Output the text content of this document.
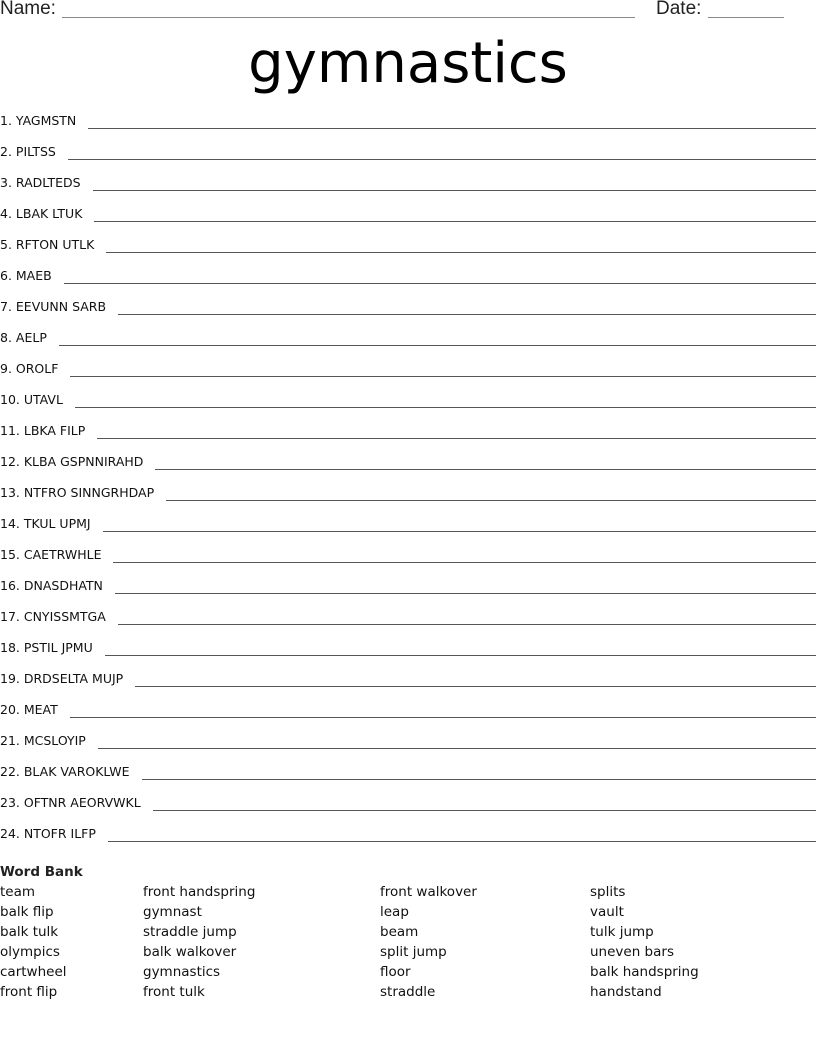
Name:	Date:
gymnastics
1. YAGMSTN
2. PILTSS
3. RADLTEDS
4. LBAK LTUK
5. RFTON UTLK
6. MAEB
7. EEVUNN SARB
8. AELP
9. OROLF
10. UTAVL
11. LBKA FILP
12. KLBA GSPNNIRAHD
13. NTFRO SINNGRHDAP
14. TKUL UPMJ
15. CAETRWHLE
16. DNASDHATN
17. CNYISSMTGA
18. PSTIL JPMU
19. DRDSELTA MUJP
20. MEAT
21. MCSLOYIP
22. BLAK VAROKLWE
23. OFTNR AEORVWKL
24. NTOFR ILFP
Word Bank
team
balk flip
balk tulk
olympics
cartwheel
front flip
front handspring
gymnast
straddle jump
balk walkover
gymnastics
front tulk
front walkover
leap
beam
split jump
floor
straddle
splits
vault
tulk jump
uneven bars
balk handspring
handstand
